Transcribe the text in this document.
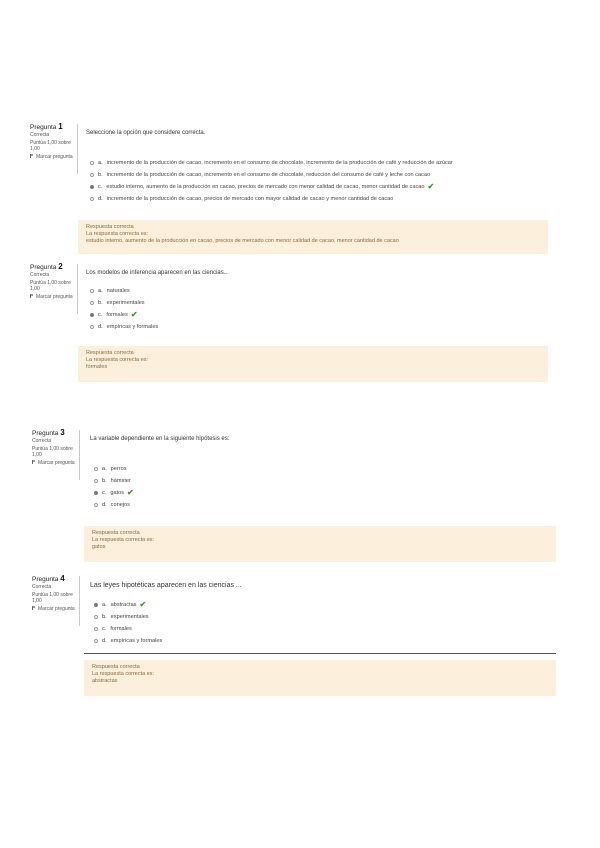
Pregunta 1
Correcta
Puntúa 1,00 sobre 1,00
Marcar pregunta
Seleccione la opción que considere correcta.
a. incremento de la producción de cacao, incremento en el consumo de chocolate, incremento de la producción de café y reducción de azúcar
b. incremento de la producción de cacao, incremento en el consumo de chocolate, reducción del consumo de café y leche con cacao
c. estudio interno, aumento de la producción en cacao, precios de mercado con menor calidad de cacao, menor cantidad de cacao ✔
d. incremento de la producción de cacao, precios de mercado con mayor calidad de cacao y menor cantidad de cacao
Respuesta correcta
La respuesta correcta es:
estudio interno, aumento de la producción en cacao, precios de mercado con menor calidad de cacao, menor cantidad de cacao
Pregunta 2
Correcta
Puntúa 1,00 sobre 1,00
Marcar pregunta
Los modelos de inferencia aparecen en las ciencias...
a. naturales
b. experimentales
c. formales ✔
d. empíricas y formales
Respuesta correcta
La respuesta correcta es:
formales
Pregunta 3
Correcta
Puntúa 1,00 sobre 1,00
Marcar pregunta
La variable dependiente en la siguiente hipótesis es:
a. perros
b. hámster
c. gatos ✔
d. conejos
Respuesta correcta
La respuesta correcta es:
gatos
Pregunta 4
Correcta
Puntúa 1,00 sobre 1,00
Marcar pregunta
Las leyes hipotéticas aparecen en las ciencias ...
a. abstractas ✔
b. experimentales
c. formales
d. empíricas y formales
Respuesta correcta
La respuesta correcta es:
abstractas
